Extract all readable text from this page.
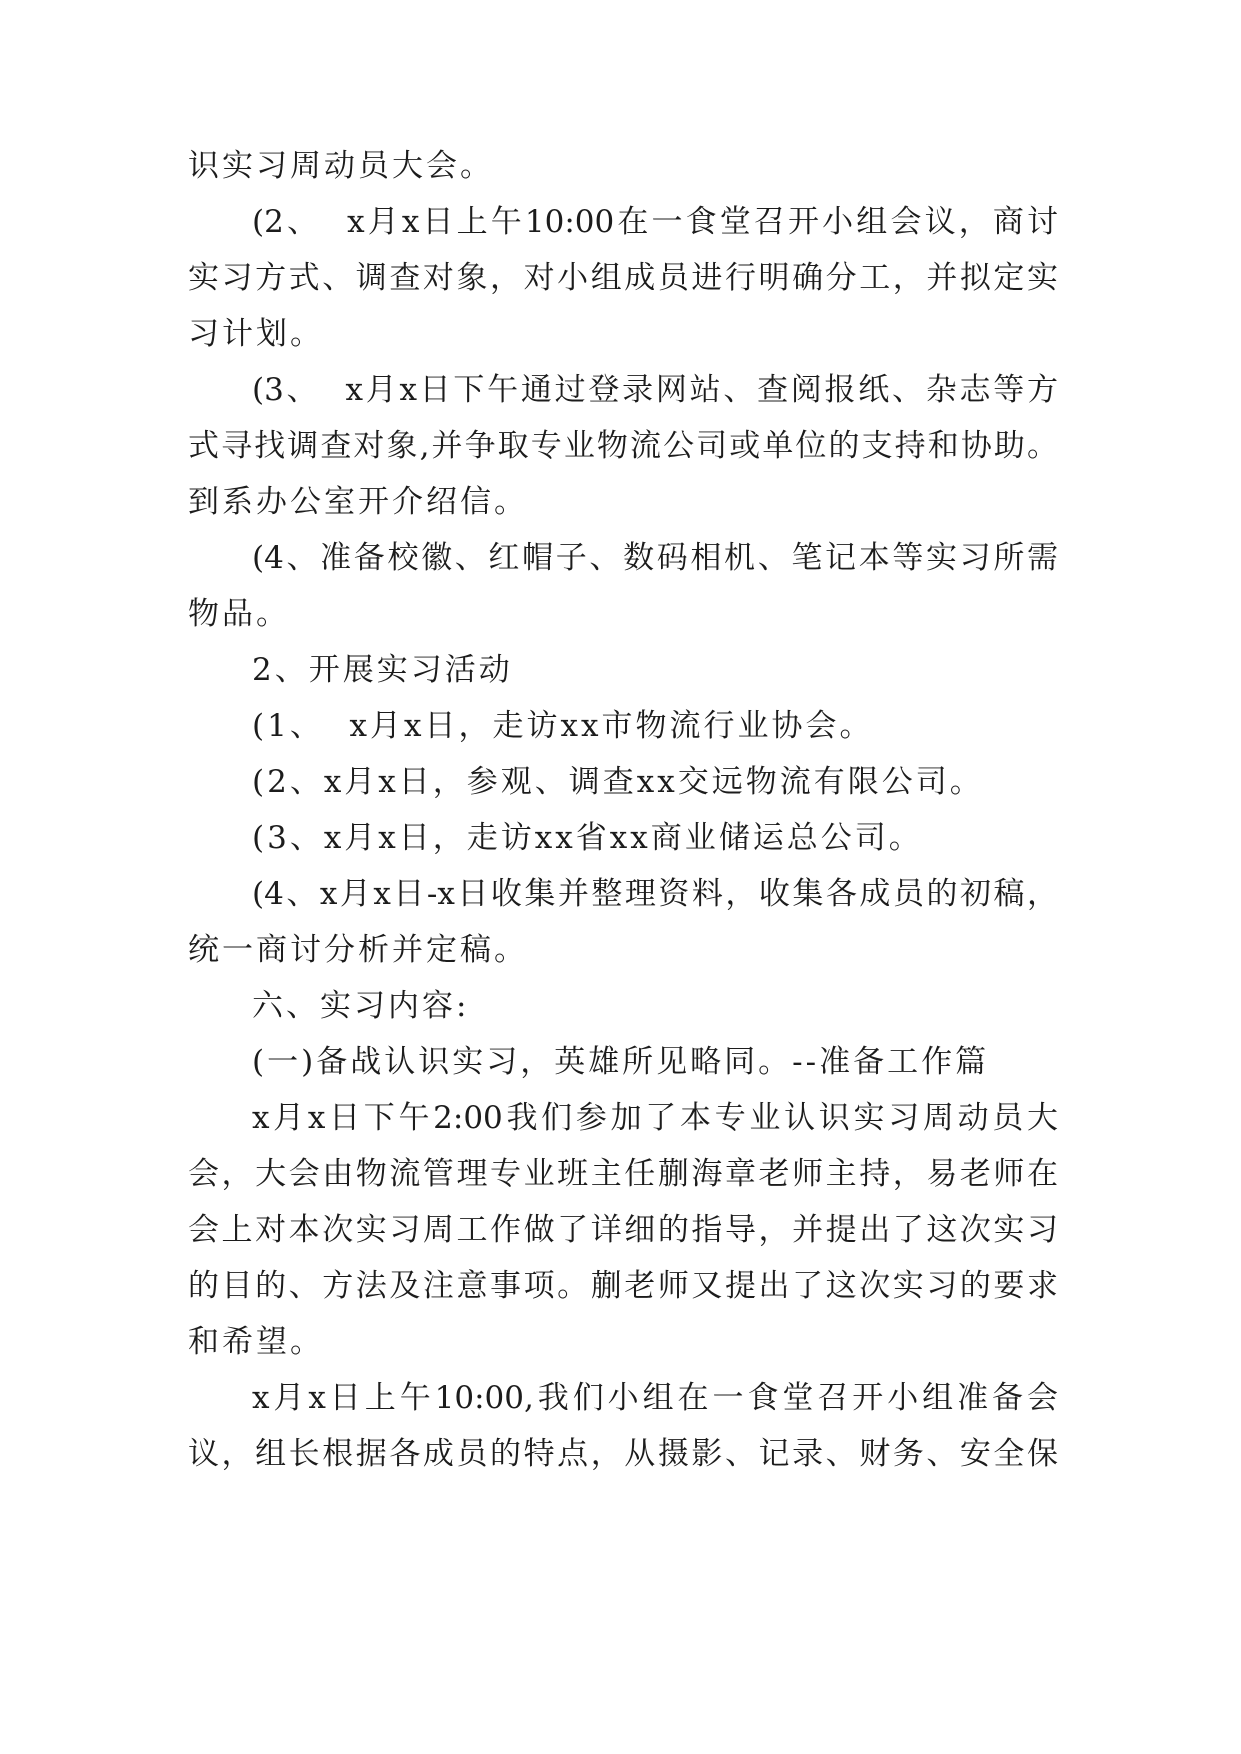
识实习周动员大会。
(2、  x月x日上午10:00在一食堂召开小组会议，商讨
实习方式、调查对象，对小组成员进行明确分工，并拟定实
习计划。
(3、  x月x日下午通过登录网站、查阅报纸、杂志等方
式寻找调查对象,并争取专业物流公司或单位的支持和协助。
到系办公室开介绍信。
(4、准备校徽、红帽子、数码相机、笔记本等实习所需
物品。
2、开展实习活动
(1、  x月x日，走访xx市物流行业协会。
(2、x月x日，参观、调查xx交远物流有限公司。
(3、x月x日，走访xx省xx商业储运总公司。
(4、x月x日-x日收集并整理资料，收集各成员的初稿，
统一商讨分析并定稿。
六、实习内容:
(一)备战认识实习，英雄所见略同。--准备工作篇
x月x日下午2:00我们参加了本专业认识实习周动员大
会，大会由物流管理专业班主任蒯海章老师主持，易老师在
会上对本次实习周工作做了详细的指导，并提出了这次实习
的目的、方法及注意事项。蒯老师又提出了这次实习的要求
和希望。
x月x日上午10:00,我们小组在一食堂召开小组准备会
议，组长根据各成员的特点，从摄影、记录、财务、安全保
